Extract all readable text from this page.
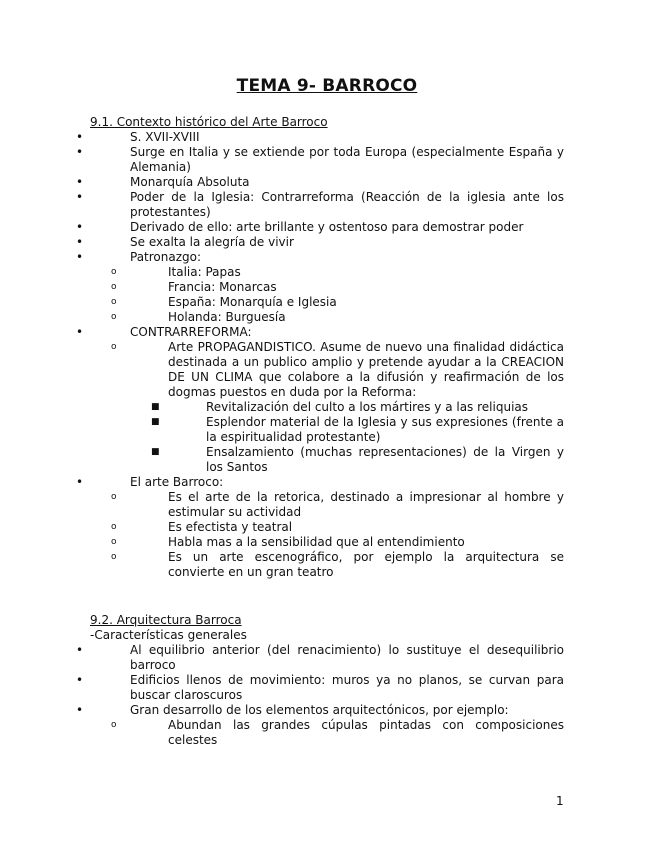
TEMA 9- BARROCO
9.1. Contexto histórico del Arte Barroco
•	S. XVII-XVIII
•	Surge en Italia y se extiende por toda Europa (especialmente España y Alemania)
•	Monarquía Absoluta
•	Poder de la Iglesia: Contrarreforma (Reacción de la iglesia ante los protestantes)
•	Derivado de ello: arte brillante y ostentoso para demostrar poder
•	Se exalta la alegría de vivir
•	Patronazgo:
o	Italia: Papas
o	Francia: Monarcas
o	España: Monarquía e Iglesia
o	Holanda: Burguesía
•	CONTRARREFORMA:
o	Arte PROPAGANDISTICO. Asume de nuevo una finalidad didáctica destinada a un publico amplio y pretende ayudar a la CREACION DE UN CLIMA que colabore a la difusión y reafirmación de los dogmas puestos en duda por la Reforma:
■	Revitalización del culto a los mártires y a las reliquias
■	Esplendor material de la Iglesia y sus expresiones (frente a la espiritualidad protestante)
■	Ensalzamiento (muchas representaciones) de la Virgen y los Santos
•	El arte Barroco:
o	Es el arte de la retorica, destinado a impresionar al hombre y estimular su actividad
o	Es efectista y teatral
o	Habla mas a la sensibilidad que al entendimiento
o	Es un arte escenográfico, por ejemplo la arquitectura se convierte en un gran teatro
9.2. Arquitectura Barroca
-Características generales
•	Al equilibrio anterior (del renacimiento) lo sustituye el desequilibrio barroco
•	Edificios llenos de movimiento: muros ya no planos, se curvan para buscar claroscuros
•	Gran desarrollo de los elementos arquitectónicos, por ejemplo:
o	Abundan las grandes cúpulas pintadas con composiciones celestes
1
